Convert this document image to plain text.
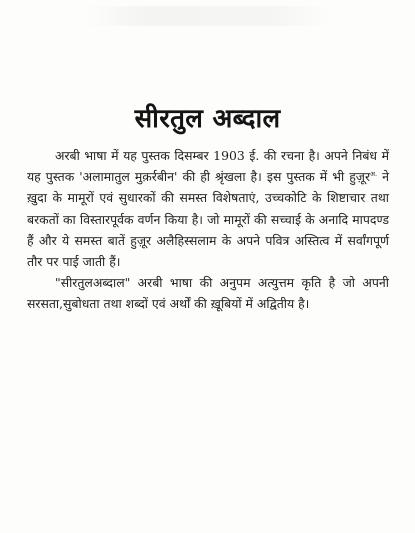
सीरतुल अब्दाल

अरबी भाषा में यह पुस्तक दिसम्बर 1903 ई. की रचना है। अपने निबंध में यह पुस्तक 'अलामातुल मुक़र्रबीन' की ही श्रृंखला है। इस पुस्तक में भी हुज़ूर$^{अ.}$ ने ख़ुदा के मामूरों एवं सुधारकों की समस्त विशेषताएं, उच्चकोटि के शिष्टाचार तथा बरकतों का विस्तारपूर्वक वर्णन किया है। जो मामूरों की सच्चाई के अनादि मापदण्ड हैं और ये समस्त बातें हुज़ूर अलैहिस्सलाम के अपने पवित्र अस्तित्व में सर्वांगपूर्ण तौर पर पाई जाती हैं।

"सीरतुलअब्दाल" अरबी भाषा की अनुपम अत्युत्तम कृति है जो अपनी सरसता,सुबोधता तथा शब्दों एवं अर्थों की ख़ूबियों में अद्वितीय है।
